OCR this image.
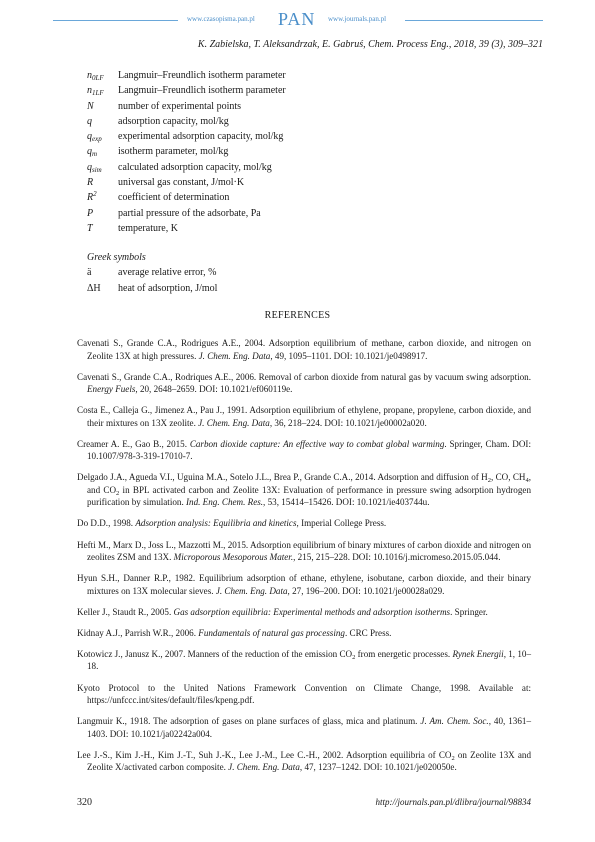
www.czasopisma.pan.pl PAN www.journals.pan.pl
K. Zabielska, T. Aleksandrzak, E. Gabruś, Chem. Process Eng., 2018, 39 (3), 309–321
$n_{0LF}$	Langmuir–Freundlich isotherm parameter
$n_{1LF}$	Langmuir–Freundlich isotherm parameter
N	number of experimental points
q	adsorption capacity, mol/kg
$q_{exp}$	experimental adsorption capacity, mol/kg
$q_m$	isotherm parameter, mol/kg
$q_{sim}$	calculated adsorption capacity, mol/kg
R	universal gas constant, J/mol·K
$R^2$	coefficient of determination
P	partial pressure of the adsorbate, Pa
T	temperature, K
Greek symbols
ä	average relative error, %
ΔH	heat of adsorption, J/mol
REFERENCES
Cavenati S., Grande C.A., Rodrigues A.E., 2004. Adsorption equilibrium of methane, carbon dioxide, and nitrogen on Zeolite 13X at high pressures. J. Chem. Eng. Data, 49, 1095–1101. DOI: 10.1021/je0498917.
Cavenati S., Grande C.A., Rodriques A.E., 2006. Removal of carbon dioxide from natural gas by vacuum swing adsorption. Energy Fuels, 20, 2648–2659. DOI: 10.1021/ef060119e.
Costa E., Calleja G., Jimenez A., Pau J., 1991. Adsorption equilibrium of ethylene, propane, propylene, carbon dioxide, and their mixtures on 13X zeolite. J. Chem. Eng. Data, 36, 218–224. DOI: 10.1021/je00002a020.
Creamer A. E., Gao B., 2015. Carbon dioxide capture: An effective way to combat global warming. Springer, Cham. DOI: 10.1007/978-3-319-17010-7.
Delgado J.A., Agueda V.I., Uguina M.A., Sotelo J.L., Brea P., Grande C.A., 2014. Adsorption and diffusion of $H_2$, CO, $CH_4$, and $CO_2$ in BPL activated carbon and Zeolite 13X: Evaluation of performance in pressure swing adsorption hydrogen purification by simulation. Ind. Eng. Chem. Res., 53, 15414–15426. DOI: 10.1021/ie403744u.
Do D.D., 1998. Adsorption analysis: Equilibria and kinetics, Imperial College Press.
Hefti M., Marx D., Joss L., Mazzotti M., 2015. Adsorption equilibrium of binary mixtures of carbon dioxide and nitrogen on zeolites ZSM and 13X. Microporous Mesoporous Mater., 215, 215–228. DOI: 10.1016/j.micromeso.2015.05.044.
Hyun S.H., Danner R.P., 1982. Equilibrium adsorption of ethane, ethylene, isobutane, carbon dioxide, and their binary mixtures on 13X molecular sieves. J. Chem. Eng. Data, 27, 196–200. DOI: 10.1021/je00028a029.
Keller J., Staudt R., 2005. Gas adsorption equilibria: Experimental methods and adsorption isotherms. Springer.
Kidnay A.J., Parrish W.R., 2006. Fundamentals of natural gas processing. CRC Press.
Kotowicz J., Janusz K., 2007. Manners of the reduction of the emission $CO_2$ from energetic processes. Rynek Energii, 1, 10–18.
Kyoto Protocol to the United Nations Framework Convention on Climate Change, 1998. Available at: https://unfccc.int/sites/default/files/kpeng.pdf.
Langmuir K., 1918. The adsorption of gases on plane surfaces of glass, mica and platinum. J. Am. Chem. Soc., 40, 1361–1403. DOI: 10.1021/ja02242a004.
Lee J.-S., Kim J.-H., Kim J.-T., Suh J.-K., Lee J.-M., Lee C.-H., 2002. Adsorption equilibria of $CO_2$ on Zeolite 13X and Zeolite X/activated carbon composite. J. Chem. Eng. Data, 47, 1237–1242. DOI: 10.1021/je020050e.
320	http://journals.pan.pl/dlibra/journal/98834
